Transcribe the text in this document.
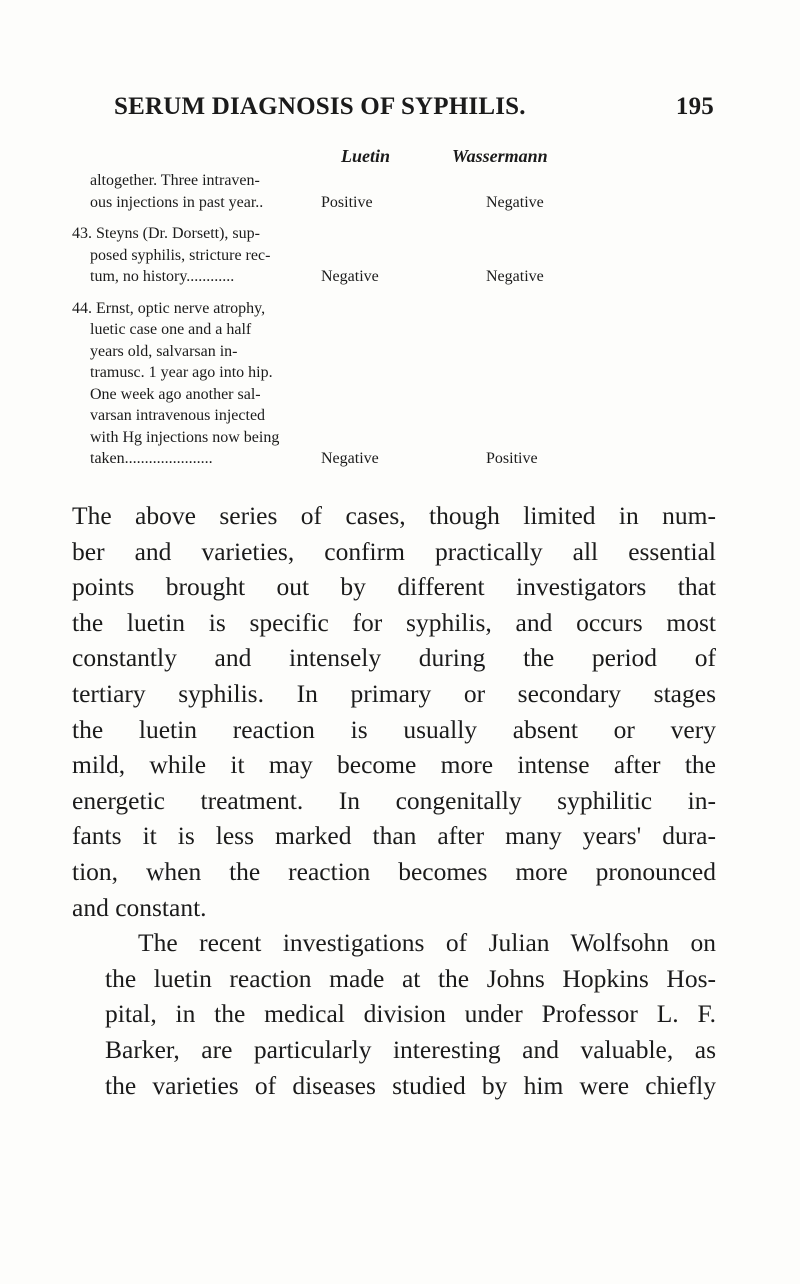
SERUM DIAGNOSIS OF SYPHILIS.	195
Luetin	Wassermann
altogether. Three intraven-
ous injections in past year..	Positive	Negative
43. Steyns (Dr. Dorsett), sup-
posed syphilis, stricture rec-
tum, no history............	Negative	Negative
44. Ernst, optic nerve atrophy,
luetic case one and a half
years old, salvarsan in-
tramusc. 1 year ago into hip.
One week ago another sal-
varsan intravenous injected
with Hg injections now being
taken......................	Negative	Positive

The above series of cases, though limited in num-
ber and varieties, confirm practically all essential
points brought out by different investigators that
the luetin is specific for syphilis, and occurs most
constantly and intensely during the period of
tertiary syphilis. In primary or secondary stages
the luetin reaction is usually absent or very
mild, while it may become more intense after the
energetic treatment. In congenitally syphilitic in-
fants it is less marked than after many years' dura-
tion, when the reaction becomes more pronounced
and constant.

The recent investigations of Julian Wolfsohn on
the luetin reaction made at the Johns Hopkins Hos-
pital, in the medical division under Professor L. F.
Barker, are particularly interesting and valuable, as
the varieties of diseases studied by him were chiefly
